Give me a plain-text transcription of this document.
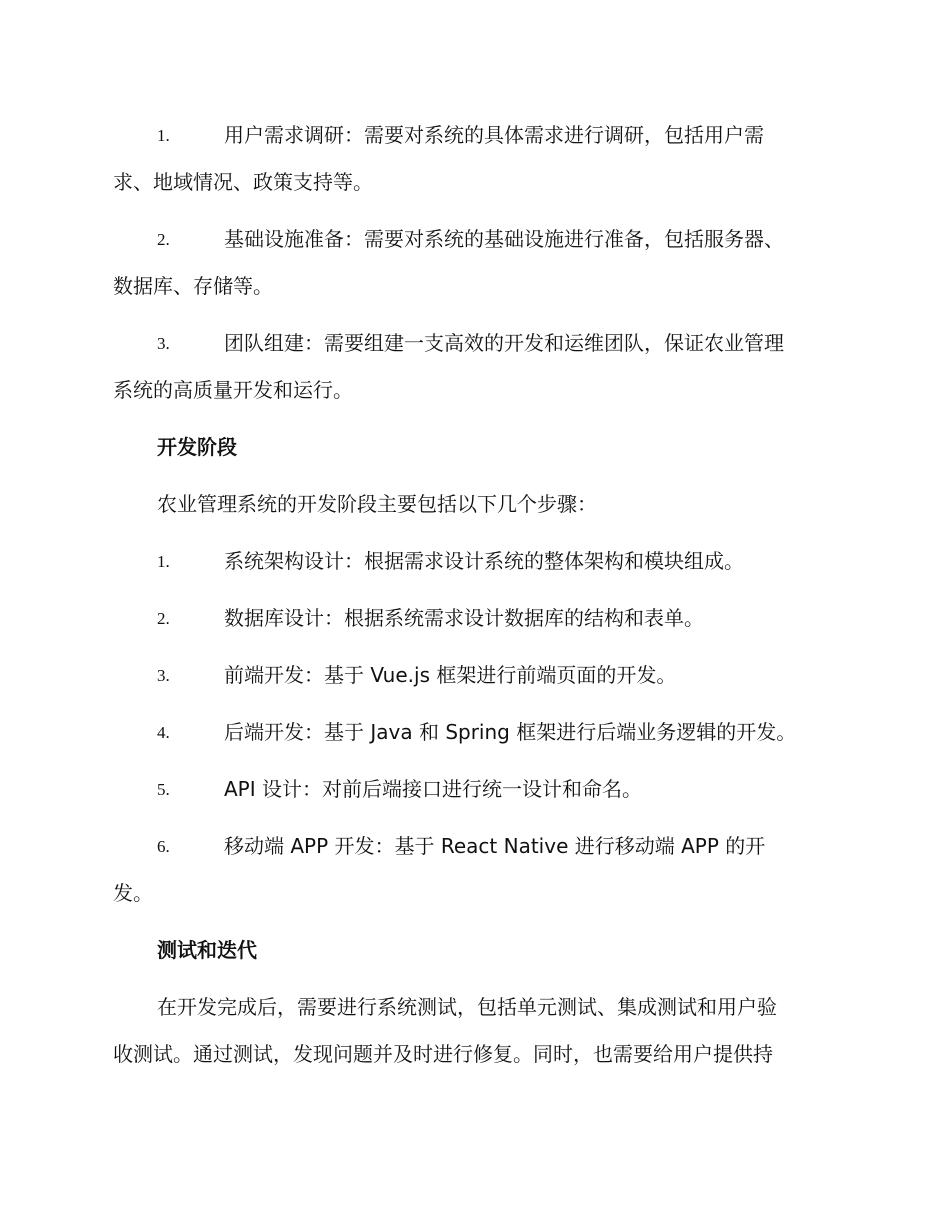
1.	用户需求调研：需要对系统的具体需求进行调研，包括用户需
求、地域情况、政策支持等。
2.	基础设施准备：需要对系统的基础设施进行准备，包括服务器、
数据库、存储等。
3.	团队组建：需要组建一支高效的开发和运维团队，保证农业管理
系统的高质量开发和运行。
开发阶段

农业管理系统的开发阶段主要包括以下几个步骤：

1.	系统架构设计：根据需求设计系统的整体架构和模块组成。
2.	数据库设计：根据系统需求设计数据库的结构和表单。
3.	前端开发：基于 Vue.js 框架进行前端页面的开发。
4.	后端开发：基于 Java 和 Spring 框架进行后端业务逻辑的开发。
5.	API 设计：对前后端接口进行统一设计和命名。
6.	移动端 APP 开发：基于 React Native 进行移动端 APP 的开
发。
测试和迭代

在开发完成后，需要进行系统测试，包括单元测试、集成测试和用户验
收测试。通过测试，发现问题并及时进行修复。同时，也需要给用户提供持
